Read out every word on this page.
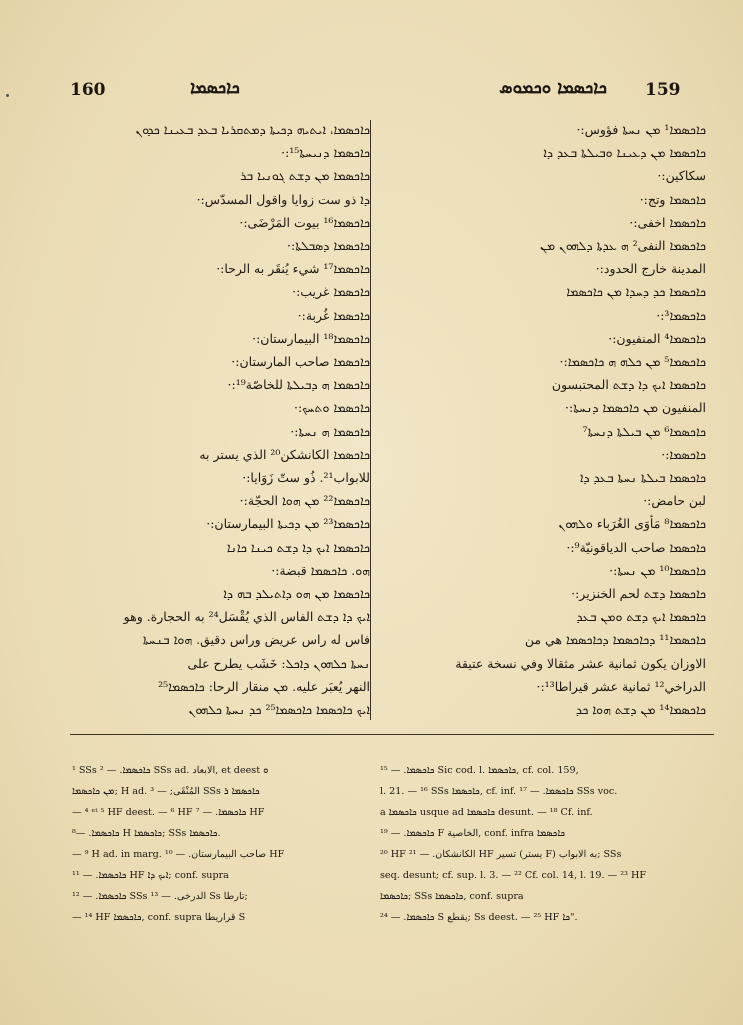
160	ܟܐܟܣܡܐ	ܟܐܟܣܡܐ ܘܟܡܘܣ	159

ܟܐܟܣܡܐ، ܐܝܬܝܗ ܕܟܝܬܐ ܕܡܬܩܪܝܐ ܒܥܕ ܒܥܝܢܐ ܟܕܘܢ

ܟܐܟܣܡܐ ܕܢܝܚܬܐ¹⁵:·

ܟܐܟܣܡܐ ܡܢ ܕܫܬ ܓܘܢܝܐ ܒܪ

ܕܐ ذو ست زوايا واقول المسدّس:·

ܟܐܟܣܡܐ¹⁶ بيوت المَرْضَى:·

ܟܐܟܣܡܐ ܕܣܒܠܬܐ:·

ܟܐܟܣܡܐ¹⁷ شيء يُنقَر به الرحا:·

ܟܐܟܣܡܐ غريب:·

ܟܐܟܣܡܐ غُربة:·

ܟܐܟܣܡܐ¹⁸ البيمارستان:·

ܟܐܟܣܡܐ صاحب المارستان:·

ܟܐܟܣܡܐ ܗ ܕܒܝܠܬܐ للخاصّة¹⁹:·

ܟܐܟܣܡܐ ܘܬܚܟ:·

ܟܐܟܣܡܐ ܗ ܢܚܬܐ:·

ܟܐܟܣܡܐ الكانشكن²⁰ الذي يستر به

للابواب²¹. ذُو ستّ زَوَايا:·

ܟܐܟܣܡܐ²² ܡܢ ܗܘܐ الحجّة:·

ܟܐܟܣܡܐ²³ ܡܢ ܕܟܝܬܐ البيمارستان:·

ܟܐܟܣܡܐ ܐܝܟ ܕܐ ܕܫܬ ܟܝܢܐ ܟܐܢܐ

ܗܘ. ܟܐܟܣܡܐ قبضة:·

ܟܐܟܣܡܐ ܡܢ ܗܘ ܕܐܬܝܠܕ ܒܗ ܕܐ

ܐܝܟ ܕܐ ܕܫܬ الفاس الذي يُقْسَل²⁴ به الحجارة. وهو

فاس له راس عريض وراس دقيق. ܗܘܐ ܒܢܚܬܐ

ܢܚܬܐ ܟܠܗܘܢ ܕܐܟܠ: خَشَب يطرح على

النهر يُعبَر عليه. ܡܢ منقار الرحا: ܟܐܟܣܡܐ²⁵

ܐܝܟ ܟܐܟܣܡܐ ܟܐܟܣܡܐ²⁵ ܟܕ ܢܚܬܐ ܟܠܗܘܢ

ܟܐܟܣܡܐ¹ ܡܢ ܢܚܬܐ فؤوس:·

ܟܐܟܣܡܐ ܡܢ ܕܥܝܢܐ ܘܒܝܠܬܐ ܒܥܕ ܕܐ

سكاكين:·

ܟܐܟܣܡܐ وتج:·

ܟܐܟܣܡܐ اخفى:·

ܟܐܟܣܡܐ النفى² ܗ ܥܕܬܐ ܕܠܗܘܢ ܡܢ

المدينة خارج الحدود:·

ܟܐܟܣܡܐ ܟܕ ܕܚܕܐ ܡܢ ܟܐܟܣܡܐ

ܟܐܟܣܡܐ³:·

ܟܐܟܣܡܐ⁴ المنفيون:·

ܟܐܟܣܡܐ⁵ ܡܢ ܟܠܗ ܗ ܟܐܟܣܡܐ:·

ܟܐܟܣܡܐ ܐܝܟ ܕܐ ܕܫܬ المحتبسون

المنفيون ܡܢ ܟܐܟܣܡܐ ܕܢܚܬܐ:·

ܟܐܟܣܡܐ⁶ ܡܢ ܒܝܠܬܐ ܕܢܚܬܐ⁷

ܟܐܟܣܡܐ:·

ܟܐܟܣܡܐ ܒܝܠܬܐ ܢܚܬܐ ܒܥܕ ܕܐ

لبن حامض:·

ܟܐܟܣܡܐ⁸ مَأوَى الغُرَباء ܘܠܗܘܢ

ܟܐܟܣܡܐ صاحب الدياقونيّة⁹:·

ܟܐܟܣܡܐ¹⁰ ܡܢ ܢܚܬܐ:·

ܟܐܟܣܡܐ ܕܫܬ لحم الخنزير:·

ܟܐܟܣܡܐ ܐܝܟ ܕܫܬ ܘܡܢ ܒܥܕ

ܟܐܟܣܡܐ¹¹ ܕܟܐܟܣܡܐ ܕܟܐܟܣܡܐ هي من

الاوزان يكون ثمانية عشر مثقالا وفي نسخة عتيقة

الدراخي¹² ثمانية عشر قيراطا¹³:·

ܟܐܟܣܡܐ¹⁴ ܡܢ ܕܫܬ ܗܘܐ ܟܕ

¹ SSs ܟܐܟܣܡܐ. — ² SSs ad. الابعاد, et deest ܘ

ܡܢ ܟܐܟܣܡܐ; H ad. المُنْقَى; — ³ SSs ܟܐܟܣܡܐ ܪ

— ⁴ ᵉᵗ ⁵ HF deest. — ⁶ HF ܟܐܟܣܡܐ. — ⁷ HF

ܟܐܟܣܡܐ. —⁸ H ܟܐܟܣܡܐ; SSs ܟܐܟܣܡܐ.

— ⁹ H ad. in marg. صاحب البيمارستان. — ¹⁰ HF

ܟܐܟܣܡܐ. — ¹¹ HF ܐܝܟ ܕܐ; conf. supra

ܟܐܟܣܡܐ. — ¹² SSs الدرخى. — ¹³ Ss تارطا;

— ¹⁴ HF ܟܐܟܣܡܐ, conf. supra قراريطا S

ܟܐܟܣܡܐ. — ¹⁵ Sic cod. l. ܟܐܟܣܡܐ, cf. col. 159,

l. 21. — ¹⁶ SSs ܟܐܟܣܡܐ, cf. inf. ܟܐܟܣܡܐ. — ¹⁷ SSs voc.

a ܟܐܟܣܡܐ usque ad ܟܐܟܣܡܐ desunt. — ¹⁸ Cf. inf.

ܟܐܟܣܡܐ. — ¹⁹ F الخاصية, conf. infra ܟܐܟܣܡܐ

²⁰ HF الكانشكان. — ²¹ HF تسير (يستر F) به الابواب; SSs

seq. desunt; cf. sup. l. 3. — ²² Cf. col. 14, l. 19. — ²³ HF

ܟܐܟܣܡܐ; SSs ܟܐܟܣܡܐ, conf. supra

ܟܐܟܣܡܐ. — ²⁴ S يقطع; Ss deest. — ²⁵ HF ܟܐ".
